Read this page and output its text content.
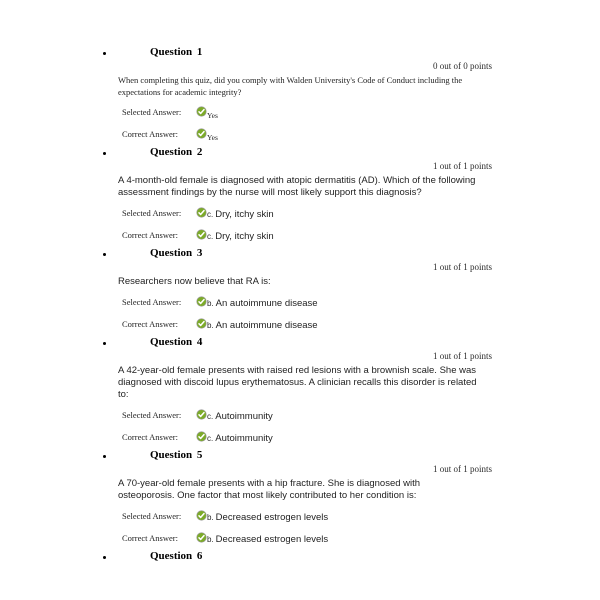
Question 1
0 out of 0 points
When completing this quiz, did you comply with Walden University's Code of Conduct including the expectations for academic integrity?
Selected Answer:	Yes
Correct Answer:	Yes
Question 2
1 out of 1 points
A 4-month-old female is diagnosed with atopic dermatitis (AD). Which of the following assessment findings by the nurse will most likely support this diagnosis?
Selected Answer:	c. Dry, itchy skin
Correct Answer:	c. Dry, itchy skin
Question 3
1 out of 1 points
Researchers now believe that RA is:
Selected Answer:	b. An autoimmune disease
Correct Answer:	b. An autoimmune disease
Question 4
1 out of 1 points
A 42-year-old female presents with raised red lesions with a brownish scale. She was diagnosed with discoid lupus erythematosus. A clinician recalls this disorder is related to:
Selected Answer:	c. Autoimmunity
Correct Answer:	c. Autoimmunity
Question 5
1 out of 1 points
A 70-year-old female presents with a hip fracture. She is diagnosed with osteoporosis. One factor that most likely contributed to her condition is:
Selected Answer:	b. Decreased estrogen levels
Correct Answer:	b. Decreased estrogen levels
Question 6
